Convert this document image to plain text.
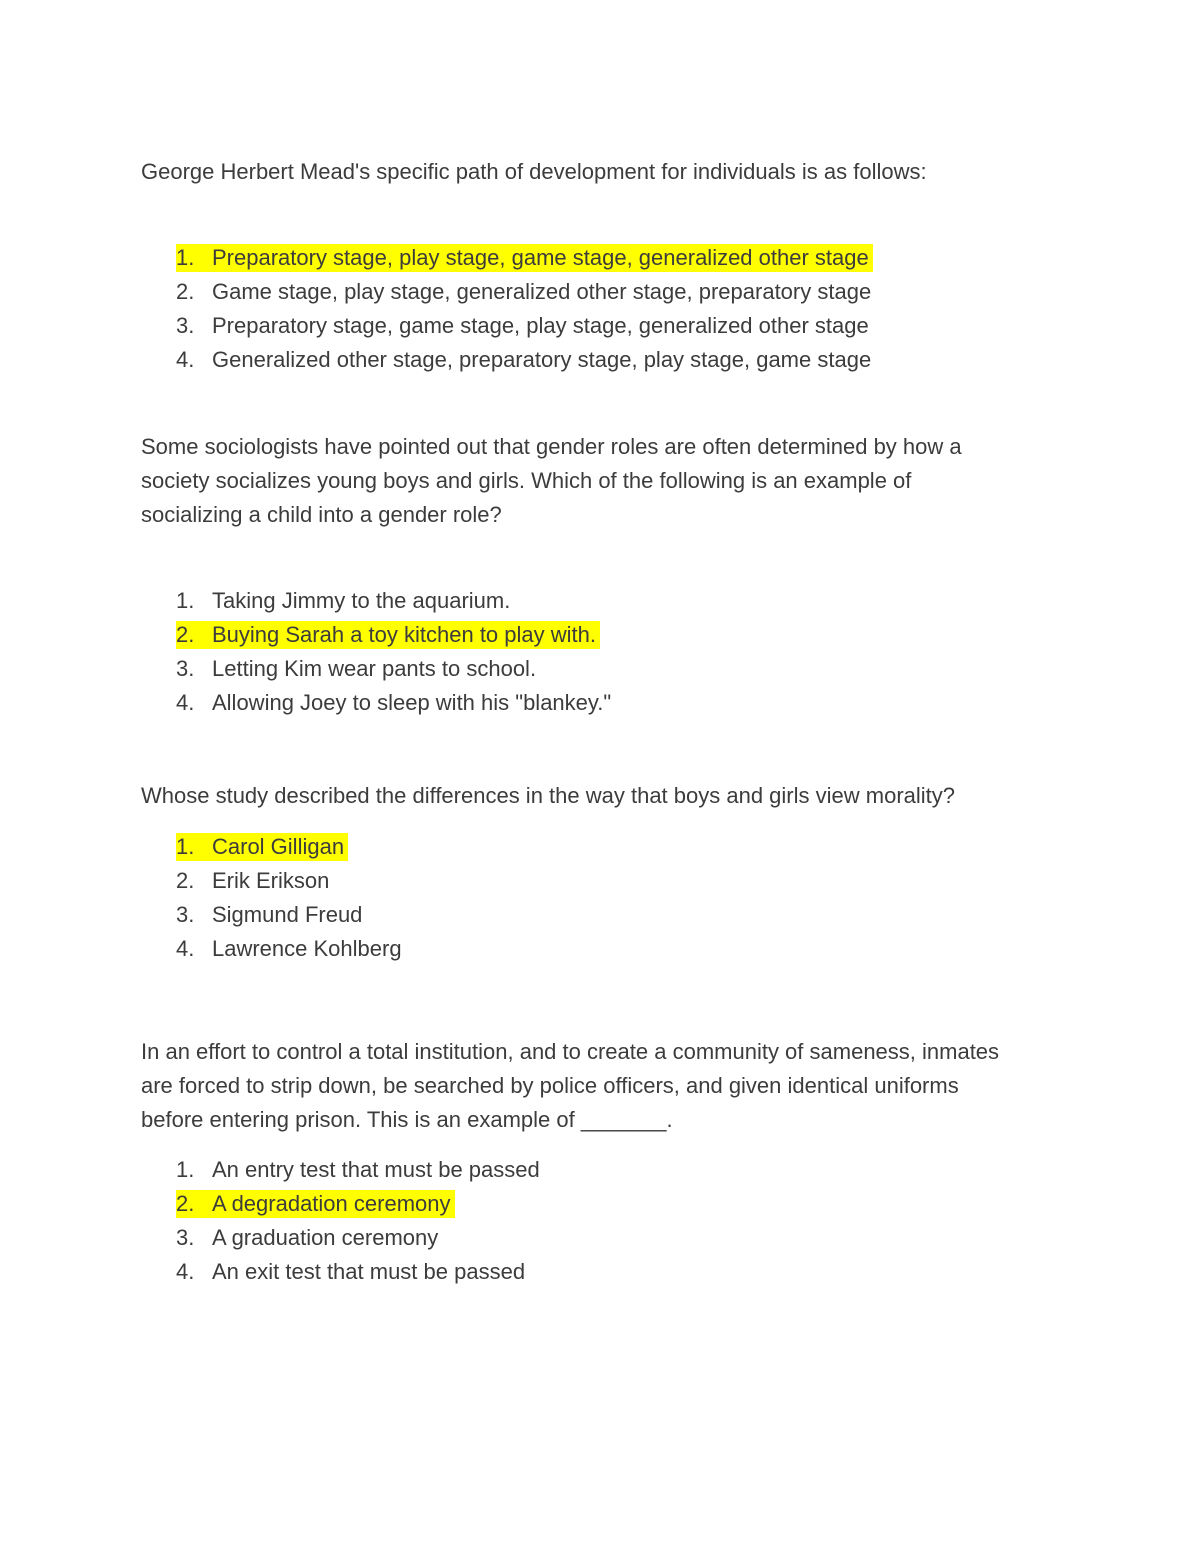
George Herbert Mead's specific path of development for individuals is as follows:

1. Preparatory stage, play stage, game stage, generalized other stage
2. Game stage, play stage, generalized other stage, preparatory stage
3. Preparatory stage, game stage, play stage, generalized other stage
4. Generalized other stage, preparatory stage, play stage, game stage

Some sociologists have pointed out that gender roles are often determined by how a society socializes young boys and girls. Which of the following is an example of socializing a child into a gender role?

1. Taking Jimmy to the aquarium.
2. Buying Sarah a toy kitchen to play with.
3. Letting Kim wear pants to school.
4. Allowing Joey to sleep with his "blankey."

Whose study described the differences in the way that boys and girls view morality?

1. Carol Gilligan
2. Erik Erikson
3. Sigmund Freud
4. Lawrence Kohlberg

In an effort to control a total institution, and to create a community of sameness, inmates are forced to strip down, be searched by police officers, and given identical uniforms before entering prison. This is an example of _______.

1. An entry test that must be passed
2. A degradation ceremony
3. A graduation ceremony
4. An exit test that must be passed
